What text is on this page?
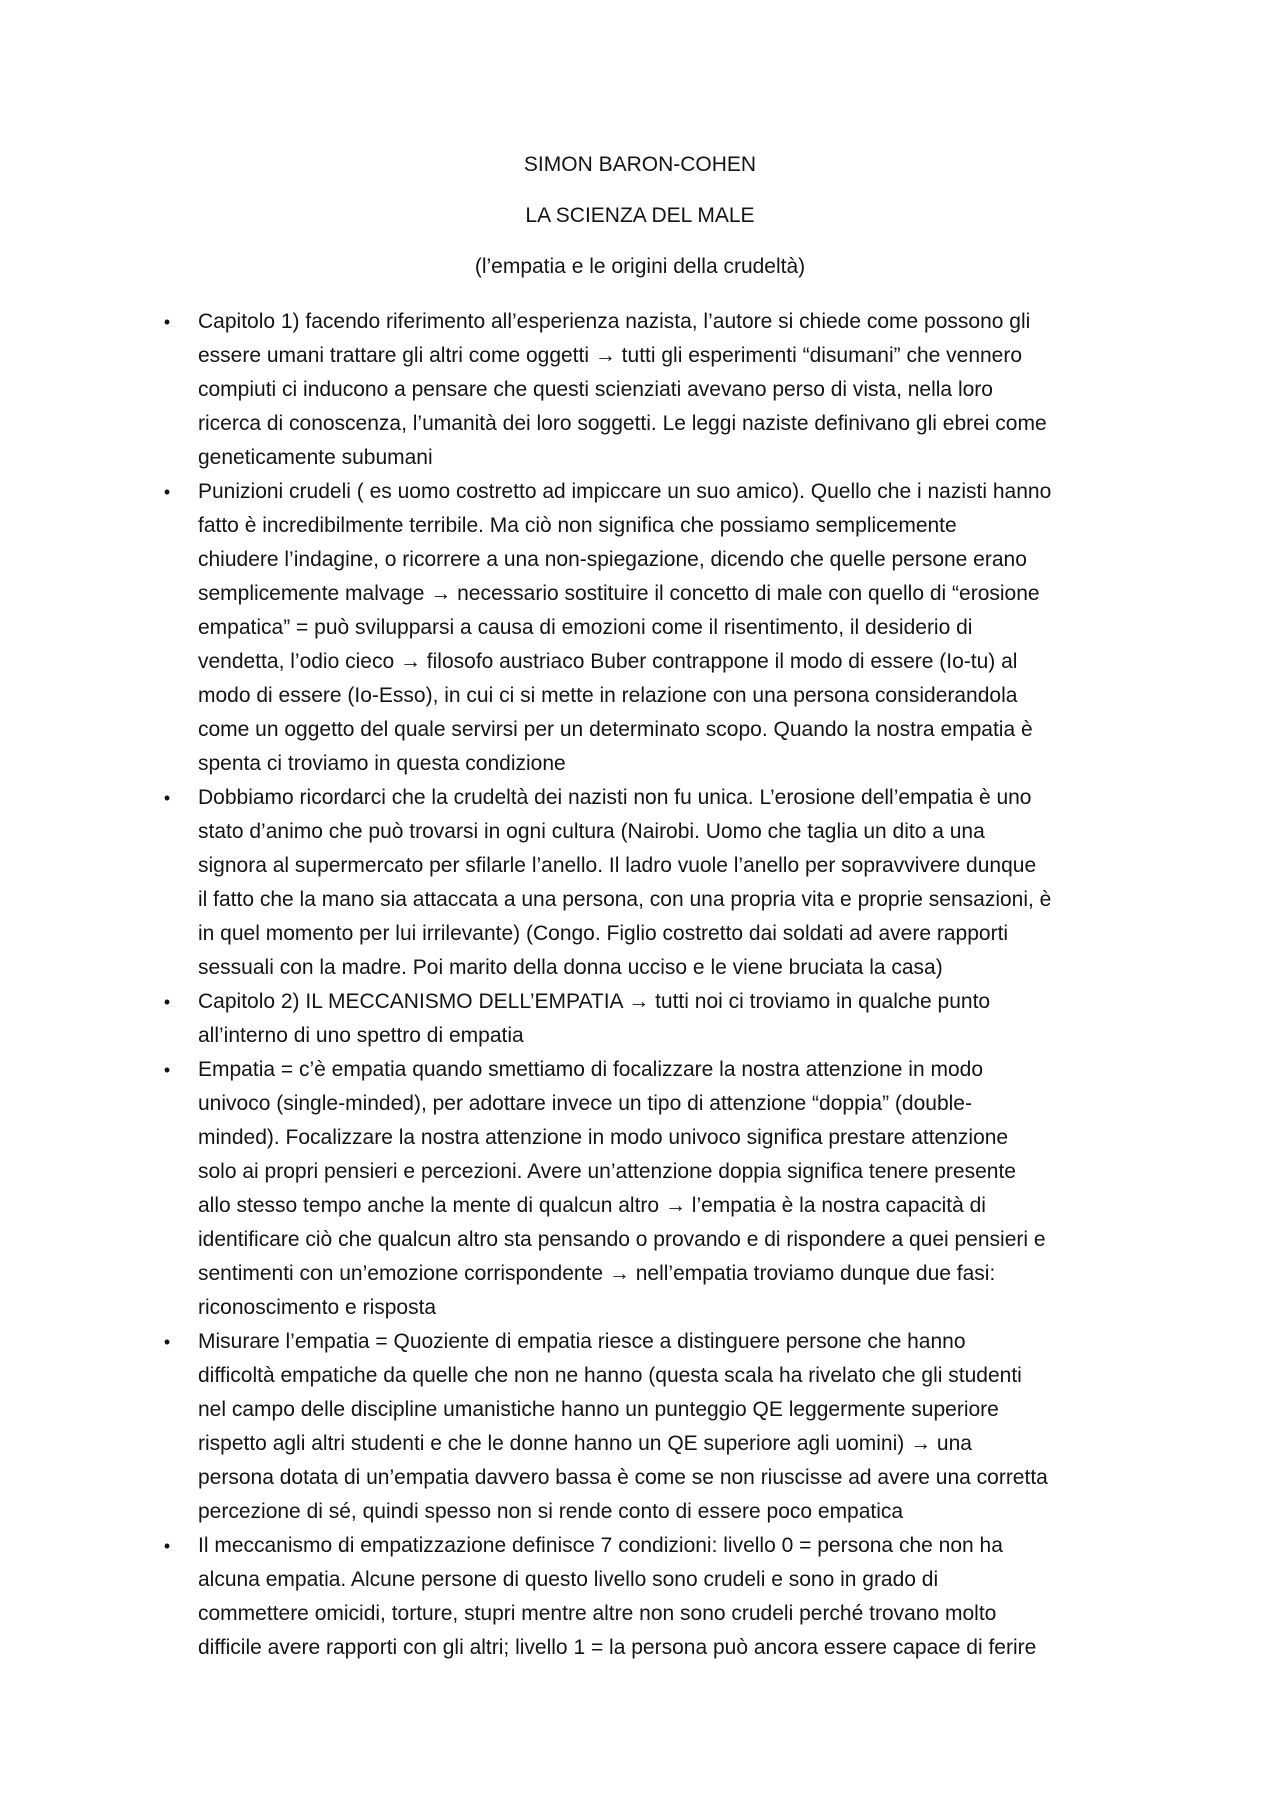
SIMON BARON-COHEN
LA SCIENZA DEL MALE
(l’empatia e le origini della crudeltà)
• Capitolo 1) facendo riferimento all’esperienza nazista, l’autore si chiede come possono gli
essere umani trattare gli altri come oggetti → tutti gli esperimenti “disumani” che vennero
compiuti ci inducono a pensare che questi scienziati avevano perso di vista, nella loro
ricerca di conoscenza, l’umanità dei loro soggetti. Le leggi naziste definivano gli ebrei come
geneticamente subumani
• Punizioni crudeli ( es uomo costretto ad impiccare un suo amico). Quello che i nazisti hanno
fatto è incredibilmente terribile. Ma ciò non significa che possiamo semplicemente
chiudere l’indagine, o ricorrere a una non-spiegazione, dicendo che quelle persone erano
semplicemente malvage → necessario sostituire il concetto di male con quello di “erosione
empatica” = può svilupparsi a causa di emozioni come il risentimento, il desiderio di
vendetta, l’odio cieco → filosofo austriaco Buber contrappone il modo di essere (Io-tu) al
modo di essere (Io-Esso), in cui ci si mette in relazione con una persona considerandola
come un oggetto del quale servirsi per un determinato scopo. Quando la nostra empatia è
spenta ci troviamo in questa condizione
• Dobbiamo ricordarci che la crudeltà dei nazisti non fu unica. L’erosione dell’empatia è uno
stato d’animo che può trovarsi in ogni cultura (Nairobi. Uomo che taglia un dito a una
signora al supermercato per sfilarle l’anello. Il ladro vuole l’anello per sopravvivere dunque
il fatto che la mano sia attaccata a una persona, con una propria vita e proprie sensazioni, è
in quel momento per lui irrilevante) (Congo. Figlio costretto dai soldati ad avere rapporti
sessuali con la madre. Poi marito della donna ucciso e le viene bruciata la casa)
• Capitolo 2) IL MECCANISMO DELL’EMPATIA → tutti noi ci troviamo in qualche punto
all’interno di uno spettro di empatia
• Empatia = c’è empatia quando smettiamo di focalizzare la nostra attenzione in modo
univoco (single-minded), per adottare invece un tipo di attenzione “doppia” (double-
minded). Focalizzare la nostra attenzione in modo univoco significa prestare attenzione
solo ai propri pensieri e percezioni. Avere un’attenzione doppia significa tenere presente
allo stesso tempo anche la mente di qualcun altro → l’empatia è la nostra capacità di
identificare ciò che qualcun altro sta pensando o provando e di rispondere a quei pensieri e
sentimenti con un’emozione corrispondente → nell’empatia troviamo dunque due fasi:
riconoscimento e risposta
• Misurare l’empatia = Quoziente di empatia riesce a distinguere persone che hanno
difficoltà empatiche da quelle che non ne hanno (questa scala ha rivelato che gli studenti
nel campo delle discipline umanistiche hanno un punteggio QE leggermente superiore
rispetto agli altri studenti e che le donne hanno un QE superiore agli uomini) → una
persona dotata di un’empatia davvero bassa è come se non riuscisse ad avere una corretta
percezione di sé, quindi spesso non si rende conto di essere poco empatica
• Il meccanismo di empatizzazione definisce 7 condizioni: livello 0 = persona che non ha
alcuna empatia. Alcune persone di questo livello sono crudeli e sono in grado di
commettere omicidi, torture, stupri mentre altre non sono crudeli perché trovano molto
difficile avere rapporti con gli altri; livello 1 = la persona può ancora essere capace di ferire
